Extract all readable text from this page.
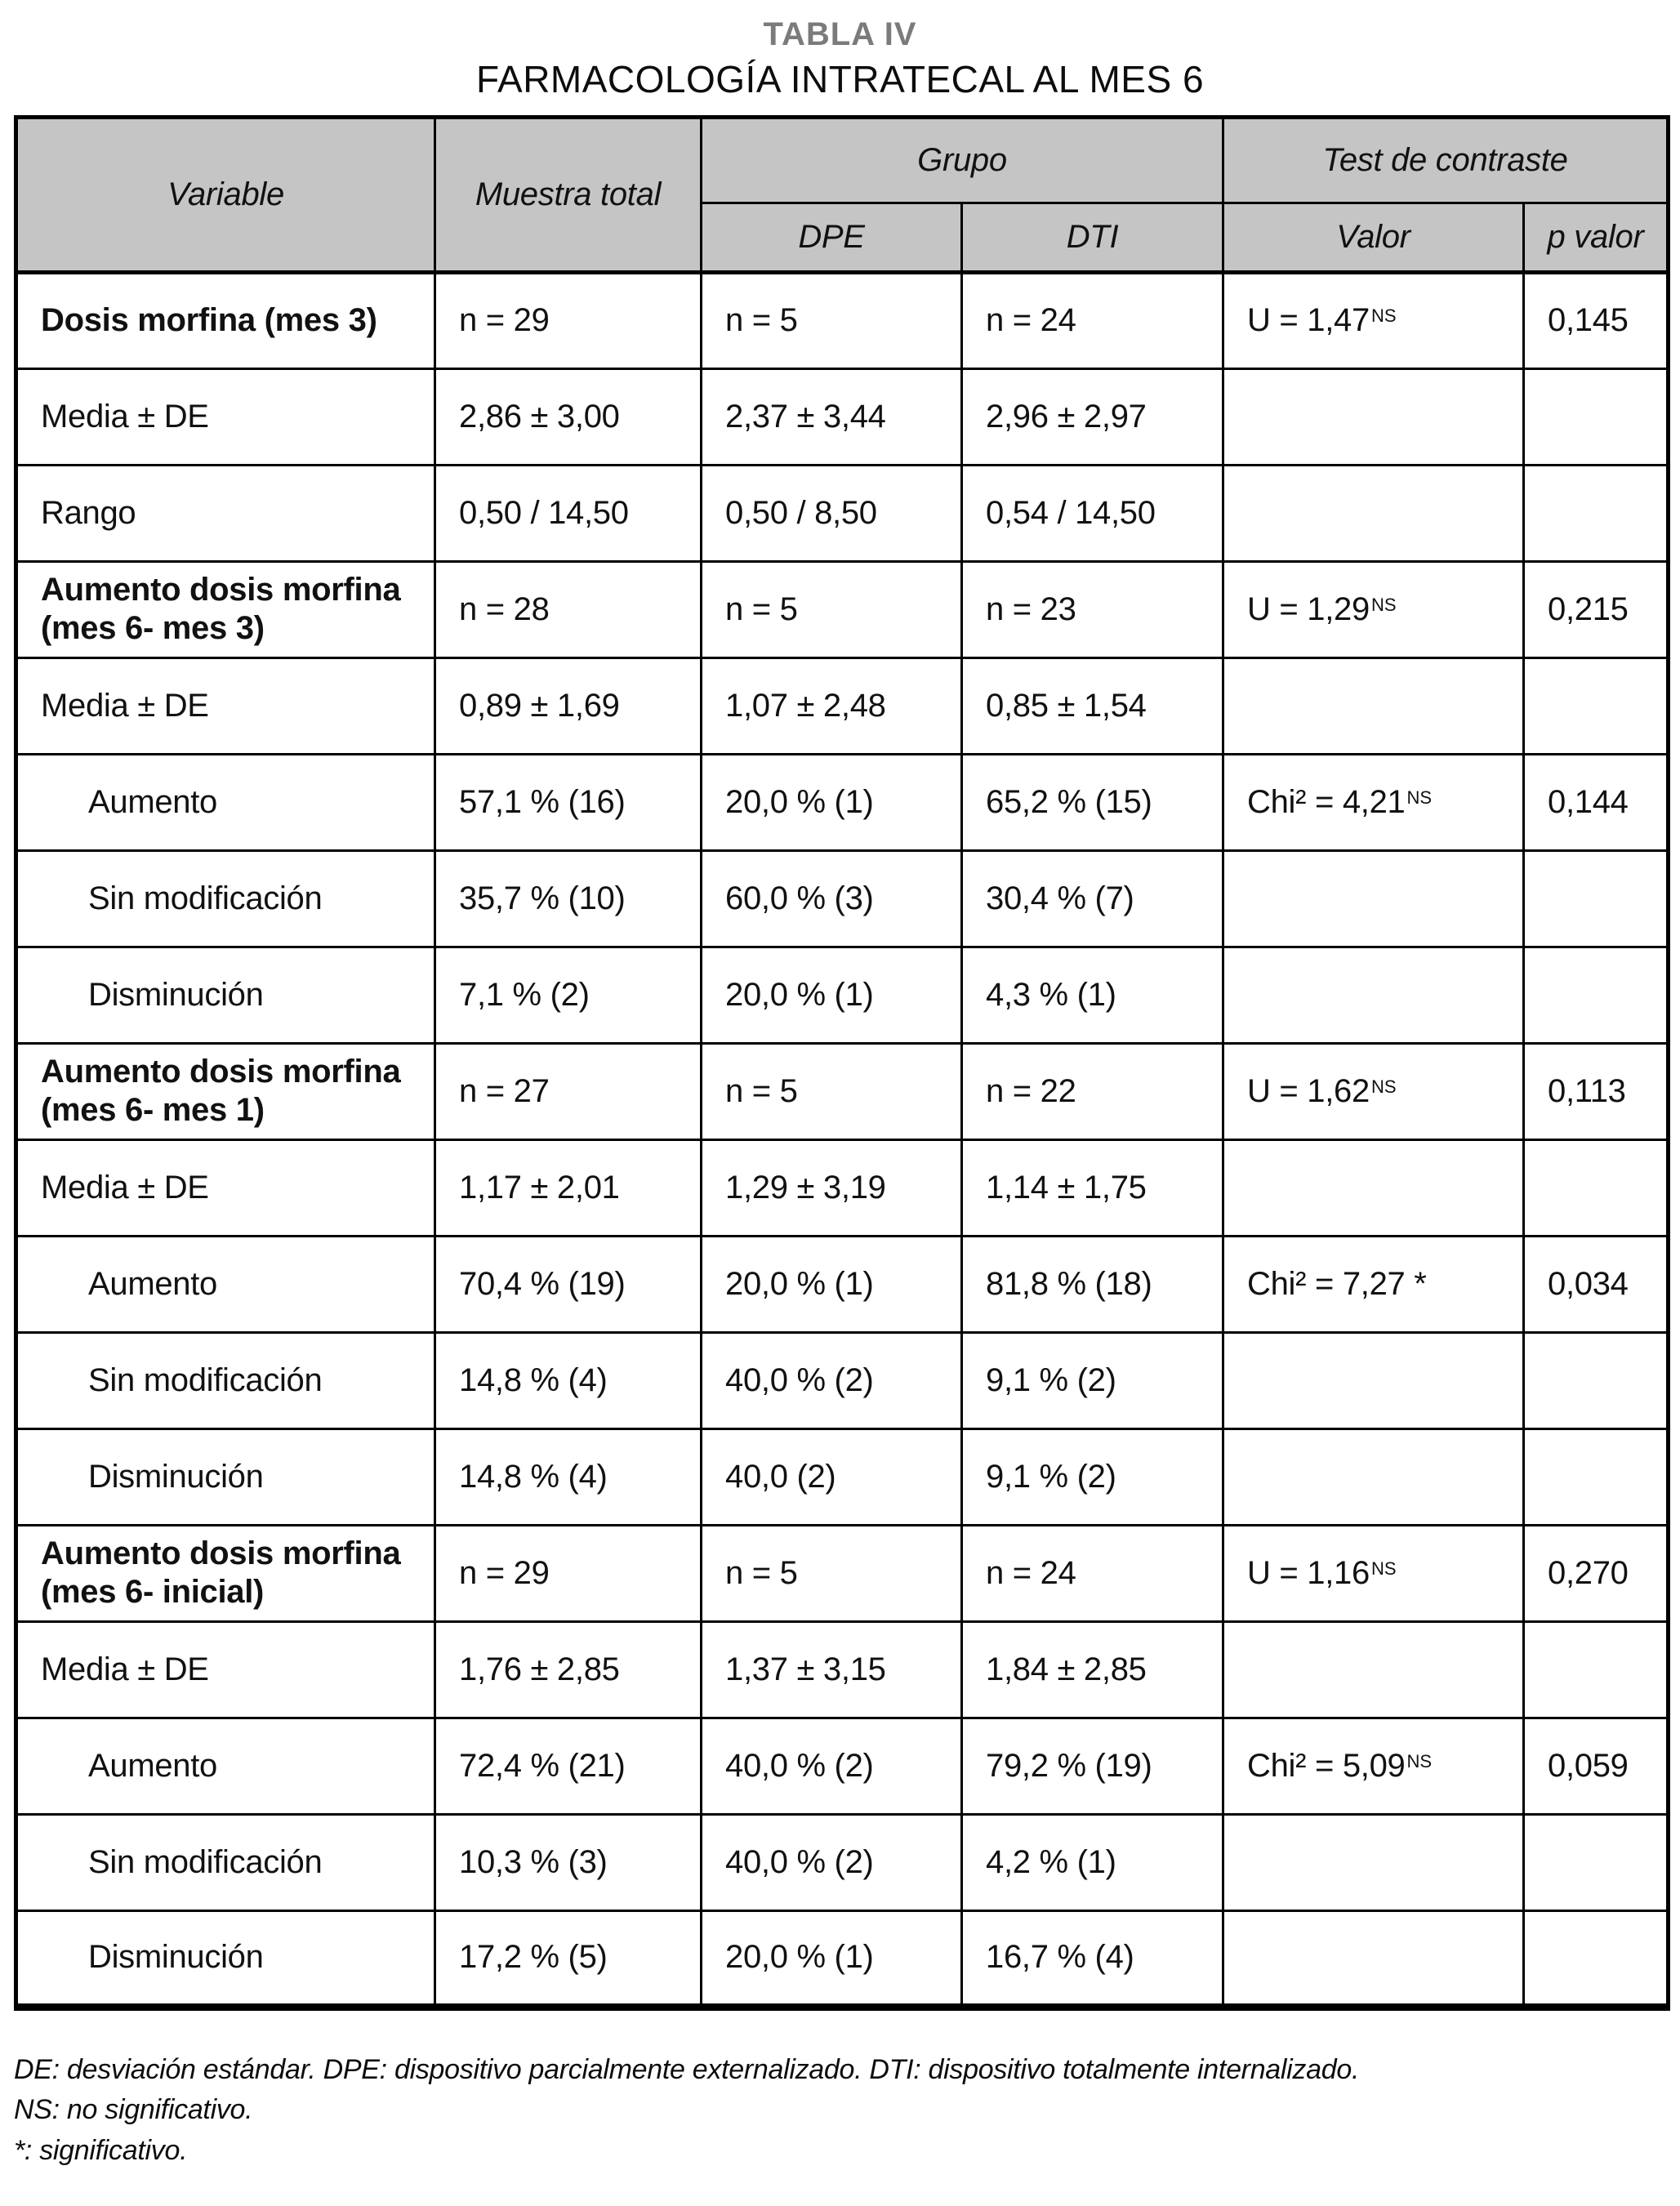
TABLA IV
FARMACOLOGÍA INTRATECAL AL MES 6
Variable	Muestra total	Grupo		Test de contraste	
		DPE	DTI	Valor	p valor

Dosis morfina (mes 3)	n = 29	n = 5	n = 24	$U = 1,47^{NS}$	0,145

Media ± DE	2,86 ± 3,00	2,37 ± 3,44	2,96 ± 2,97		

Rango	0,50 / 14,50	0,50 / 8,50	0,54 / 14,50		

Aumento dosis morfina
(mes 6- mes 3)	n = 28	n = 5	n = 23	$U = 1,29^{NS}$	0,215

Media ± DE	0,89 ± 1,69	1,07 ± 2,48	0,85 ± 1,54		

Aumento	57,1 % (16)	20,0 % (1)	65,2 % (15)	$Chi^2 = 4,21^{NS}$	0,144

Sin modificación	35,7 % (10)	60,0 % (3)	30,4 % (7)		

Disminución	7,1 % (2)	20,0 % (1)	4,3 % (1)		

Aumento dosis morfina
(mes 6- mes 1)	n = 27	n = 5	n = 22	$U = 1,62^{NS}$	0,113

Media ± DE	1,17 ± 2,01	1,29 ± 3,19	1,14 ± 1,75		

Aumento	70,4 % (19)	20,0 % (1)	81,8 % (18)	Chi² = 7,27 *	0,034

Sin modificación	14,8 % (4)	40,0 % (2)	9,1 % (2)		

Disminución	14,8 % (4)	40,0 (2)	9,1 % (2)		

Aumento dosis morfina
(mes 6- inicial)	n = 29	n = 5	n = 24	$U = 1,16^{NS}$	0,270

Media ± DE	1,76 ± 2,85	1,37 ± 3,15	1,84 ± 2,85		

Aumento	72,4 % (21)	40,0 % (2)	79,2 % (19)	$Chi^2 = 5,09^{NS}$	0,059

Sin modificación	10,3 % (3)	40,0 % (2)	4,2 % (1)		

Disminución	17,2 % (5)	20,0 % (1)	16,7 % (4)		
DE: desviación estándar. DPE: dispositivo parcialmente externalizado. DTI: dispositivo totalmente internalizado.
NS: no significativo.
*: significativo.
